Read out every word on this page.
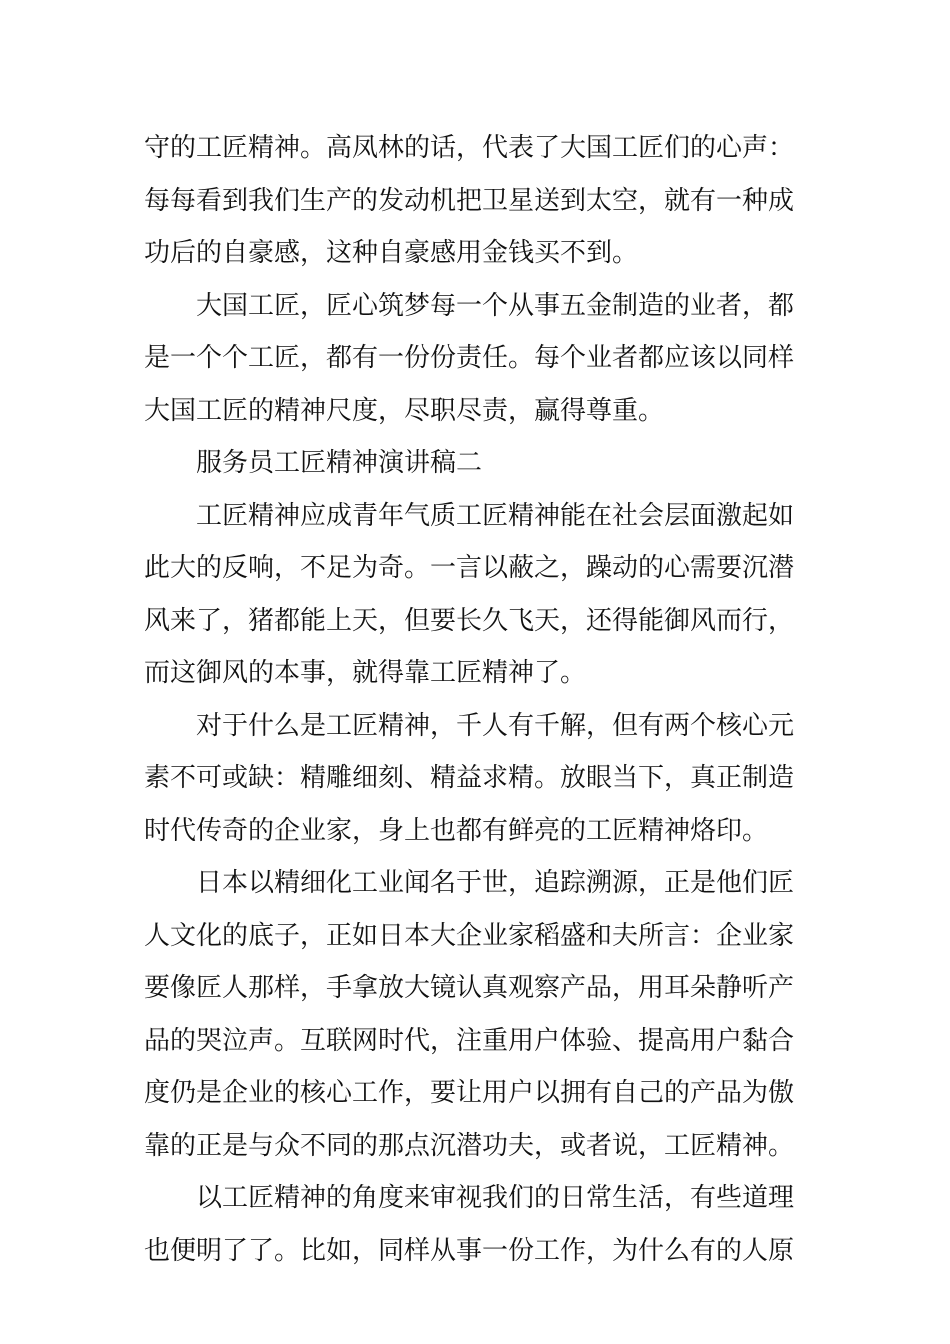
守的工匠精神。高凤林的话，代表了大国工匠们的心声：
每每看到我们生产的发动机把卫星送到太空，就有一种成
功后的自豪感，这种自豪感用金钱买不到。
大国工匠，匠心筑梦每一个从事五金制造的业者，都
是一个个工匠，都有一份份责任。每个业者都应该以同样
大国工匠的精神尺度，尽职尽责，赢得尊重。
服务员工匠精神演讲稿二
工匠精神应成青年气质工匠精神能在社会层面激起如
此大的反响，不足为奇。一言以蔽之，躁动的心需要沉潜
风来了，猪都能上天，但要长久飞天，还得能御风而行，
而这御风的本事，就得靠工匠精神了。
对于什么是工匠精神，千人有千解，但有两个核心元
素不可或缺：精雕细刻、精益求精。放眼当下，真正制造
时代传奇的企业家，身上也都有鲜亮的工匠精神烙印。
日本以精细化工业闻名于世，追踪溯源，正是他们匠
人文化的底子，正如日本大企业家稻盛和夫所言：企业家
要像匠人那样，手拿放大镜认真观察产品，用耳朵静听产
品的哭泣声。互联网时代，注重用户体验、提高用户黏合
度仍是企业的核心工作，要让用户以拥有自己的产品为傲
靠的正是与众不同的那点沉潜功夫，或者说，工匠精神。
以工匠精神的角度来审视我们的日常生活，有些道理
也便明了了。比如，同样从事一份工作，为什么有的人原
